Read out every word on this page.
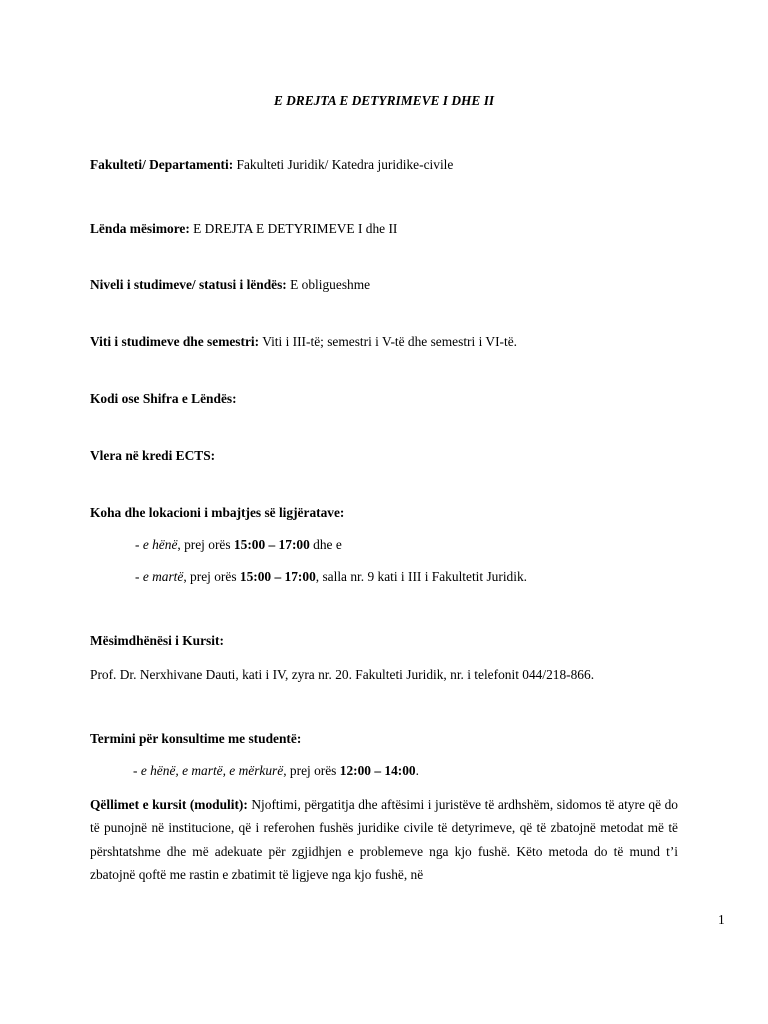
E DREJTA E DETYRIMEVE I DHE II
Fakulteti/ Departamenti: Fakulteti Juridik/ Katedra juridike-civile
Lënda mësimore: E DREJTA E DETYRIMEVE I dhe II
Niveli i studimeve/ statusi i lëndës: E obligueshme
Viti i studimeve dhe semestri: Viti i III-të; semestri i V-të dhe semestri i VI-të.
Kodi ose Shifra e Lëndës:
Vlera në kredi ECTS:
Koha dhe lokacioni i mbajtjes së ligjëratave:
- e hënë, prej orës 15:00 – 17:00 dhe e
- e martë, prej orës 15:00 – 17:00, salla nr. 9 kati i III i Fakultetit Juridik.
Mësimdhënësi i Kursit:
Prof. Dr. Nerxhivane Dauti, kati i IV, zyra nr. 20. Fakulteti Juridik, nr. i telefonit 044/218-866.
Termini për konsultime me studentë:
- e hënë, e martë, e mërkurë, prej orës 12:00 – 14:00.
Qëllimet e kursit (modulit): Njoftimi, përgatitja dhe aftësimi i juristëve të ardhshëm, sidomos të atyre që do të punojnë në institucione, që i referohen fushës juridike civile të detyrimeve, që të zbatojnë metodat më të përshtatshme dhe më adekuate për zgjidhjen e problemeve nga kjo fushë. Këto metoda do të mund t’i zbatojnë qoftë me rastin e zbatimit të ligjeve nga kjo fushë, në
1
